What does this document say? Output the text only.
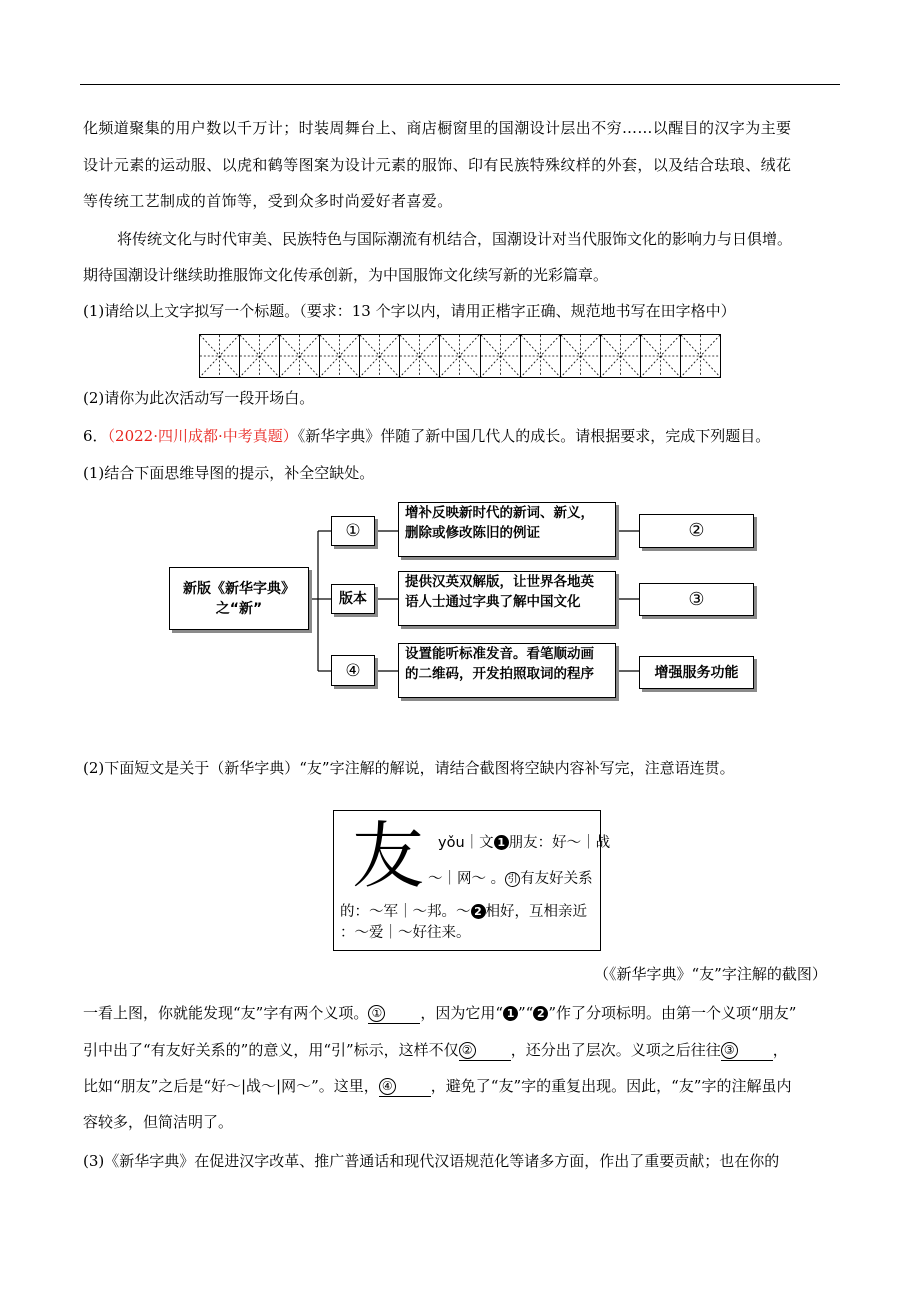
化频道聚集的用户数以千万计；时装周舞台上、商店橱窗里的国潮设计层出不穷……以醒目的汉字为主要
设计元素的运动服、以虎和鹤等图案为设计元素的服饰、印有民族特殊纹样的外套，以及结合珐琅、绒花
等传统工艺制成的首饰等，受到众多时尚爱好者喜爱。
将传统文化与时代审美、民族特色与国际潮流有机结合，国潮设计对当代服饰文化的影响力与日俱增。
期待国潮设计继续助推服饰文化传承创新，为中国服饰文化续写新的光彩篇章。
(1)请给以上文字拟写一个标题。（要求：13 个字以内，请用正楷字正确、规范地书写在田字格中）
(2)请你为此次活动写一段开场白。
6．（2022·四川成都·中考真题）《新华字典》伴随了新中国几代人的成长。请根据要求，完成下列题目。
(1)结合下面思维导图的提示，补全空缺处。
新版《新华字典》
之“新”
①
版本
④
增补反映新时代的新词、新义，
删除或修改陈旧的例证
提供汉英双解版，让世界各地英
语人士通过字典了解中国文化
设置能听标准发音。看笔顺动画
的二维码，开发拍照取词的程序
②
③
增强服务功能
(2)下面短文是关于（新华字典）“友”字注解的解说，请结合截图将空缺内容补写完，注意语连贯。
友 yǒu｜文 1 朋友：好～｜战
～｜网～ 。 引 有友好关系
的：～军｜～邦。～ 2 相好，互相亲近
：～爱｜～好往来。
（《新华字典》“友”字注解的截图）
一看上图，你就能发现“友”字有两个义项。 ①	，因为它用“ 1 ”“ 2 ”作了分项标明。由第一个义项“朋友”
引中出了“有友好关系的”的意义，用“引”标示，这样不仅 ②	，还分出了层次。义项之后往往 ③	，
比如“朋友”之后是“好～|战～|网～”。这里， ④	，避免了“友”字的重复出现。因此，“友”字的注解虽内
容较多，但简洁明了。
(3)《新华字典》在促进汉字改革、推广普通话和现代汉语规范化等诸多方面，作出了重要贡献；也在你的
